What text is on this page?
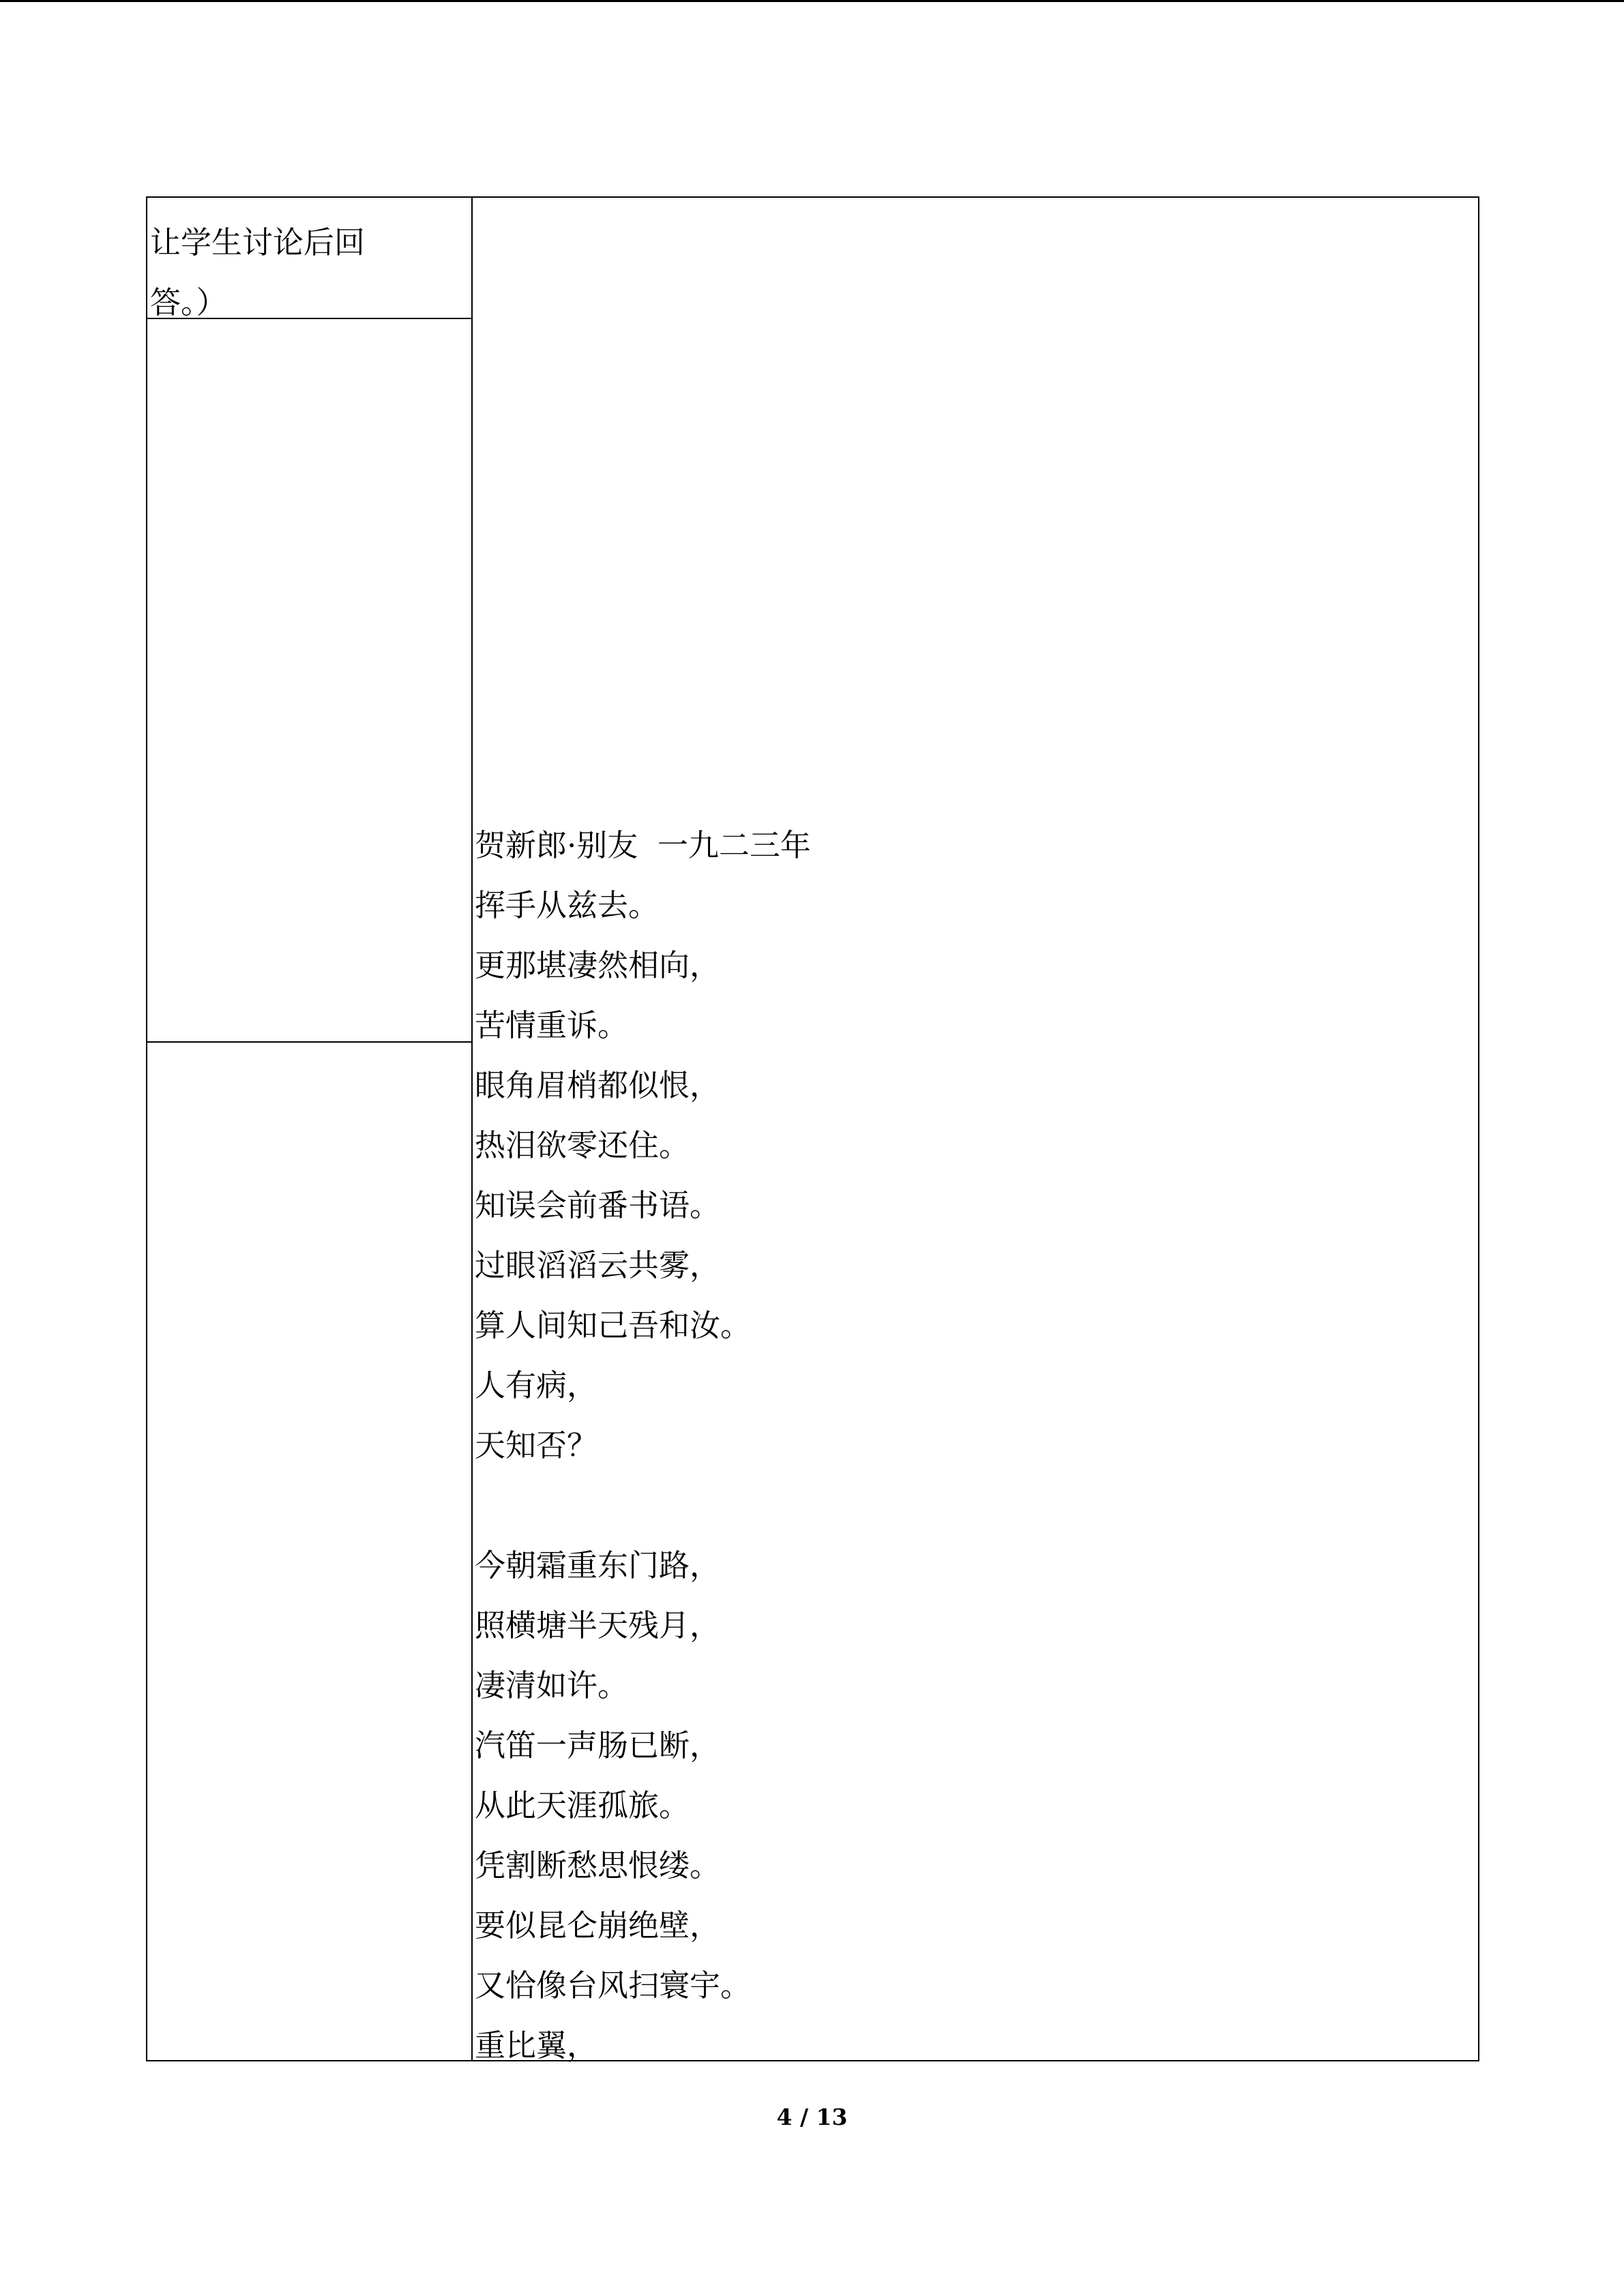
让学生讨论后回
答。）
贺新郎·别友  一九二三年
挥手从兹去。
更那堪凄然相向，
苦情重诉。
眼角眉梢都似恨，
热泪欲零还住。
知误会前番书语。
过眼滔滔云共雾，
算人间知己吾和汝。
人有病，
天知否？
今朝霜重东门路，
照横塘半天残月，
凄清如许。
汽笛一声肠已断，
从此天涯孤旅。
凭割断愁思恨缕。
要似昆仑崩绝壁，
又恰像台风扫寰宇。
重比翼，
4 / 13
